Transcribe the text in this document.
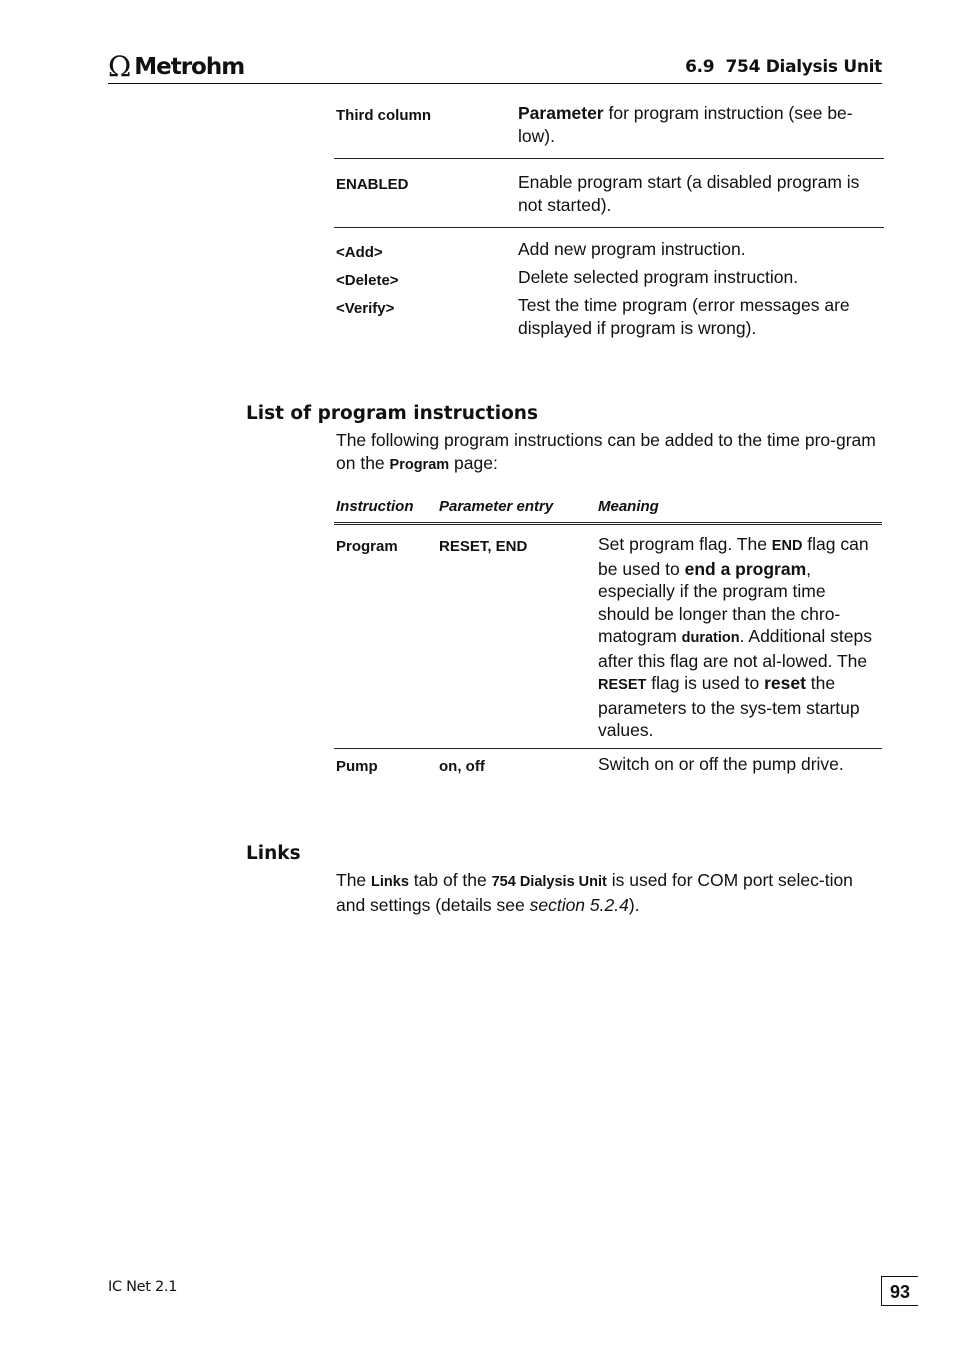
Ω Metrohm	6.9  754 Dialysis Unit
Third column	Parameter for program instruction (see be-low).
ENABLED	Enable program start (a disabled program is not started).
<Add>	Add new program instruction.
<Delete>	Delete selected program instruction.
<Verify>	Test the time program (error messages are displayed if program is wrong).
List of program instructions
The following program instructions can be added to the time pro-gram on the Program page:
Instruction	Parameter entry	Meaning
Program	RESET, END	Set program flag. The END flag can be used to end a program, especially if the program time should be longer than the chro-matogram duration. Additional steps after this flag are not al-lowed. The RESET flag is used to reset the parameters to the sys-tem startup values.
Pump	on, off	Switch on or off the pump drive.
Links
The Links tab of the 754 Dialysis Unit is used for COM port selec-tion and settings (details see section 5.2.4).
IC Net 2.1	93
